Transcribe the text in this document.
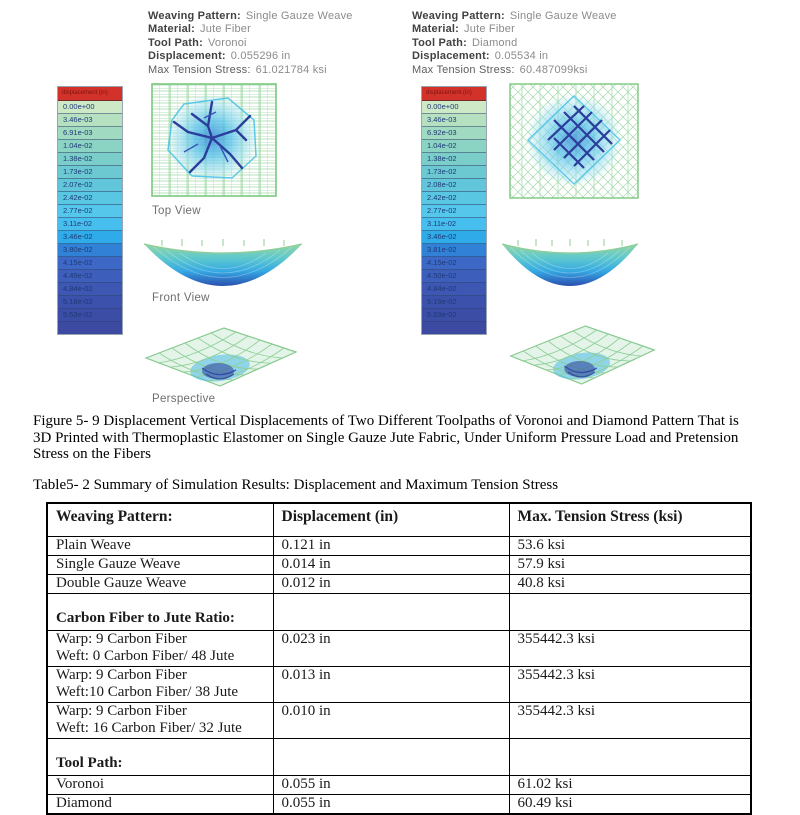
Weaving Pattern: Single Gauze Weave
Material: Jute Fiber
Tool Path: Voronoi
Displacement: 0.055296 in
Max Tension Stress: 61.021784 ksi
Weaving Pattern: Single Gauze Weave
Material: Jute Fiber
Tool Path: Diamond
Displacement: 0.05534 in
Max Tension Stress: 60.487099ksi
displacement (in)
0.00e+00
3.46e-03
6.91e-03
1.04e-02
1.38e-02
1.73e-02
2.07e-02
2.42e-02
2.77e-02
3.11e-02
3.46e-02
3.80e-02
4.15e-02
4.49e-02
4.84e-02
5.18e-02
5.53e-02
displacement (in)
0.00e+00
3.46e-03
6.92e-03
1.04e-02
1.38e-02
1.73e-02
2.08e-02
2.42e-02
2.77e-02
3.11e-02
3.46e-02
3.81e-02
4.15e-02
4.50e-02
4.84e-02
5.19e-02
5.53e-02
Top View
Front View
Perspective
Figure 5- 9 Displacement Vertical Displacements of Two Different Toolpaths of Voronoi and Diamond Pattern That is 3D Printed with Thermoplastic Elastomer on Single Gauze Jute Fabric, Under Uniform Pressure Load and Pretension Stress on the Fibers
Table5- 2 Summary of Simulation Results: Displacement and Maximum Tension Stress
Weaving Pattern:	Displacement (in)	Max. Tension Stress (ksi)

Plain Weave	0.121 in	53.6 ksi

Single Gauze Weave	0.014 in	57.9 ksi

Double Gauze Weave	0.012 in	40.8 ksi

Carbon Fiber to Jute Ratio:		

Warp: 9 Carbon Fiber
Weft: 0 Carbon Fiber/ 48 Jute	0.023 in	355442.3 ksi

Warp: 9 Carbon Fiber
Weft:10 Carbon Fiber/ 38 Jute	0.013 in	355442.3 ksi

Warp: 9 Carbon Fiber
Weft: 16 Carbon Fiber/ 32 Jute	0.010 in	355442.3 ksi

Tool Path:		

Voronoi	0.055 in	61.02 ksi

Diamond	0.055 in	60.49 ksi
